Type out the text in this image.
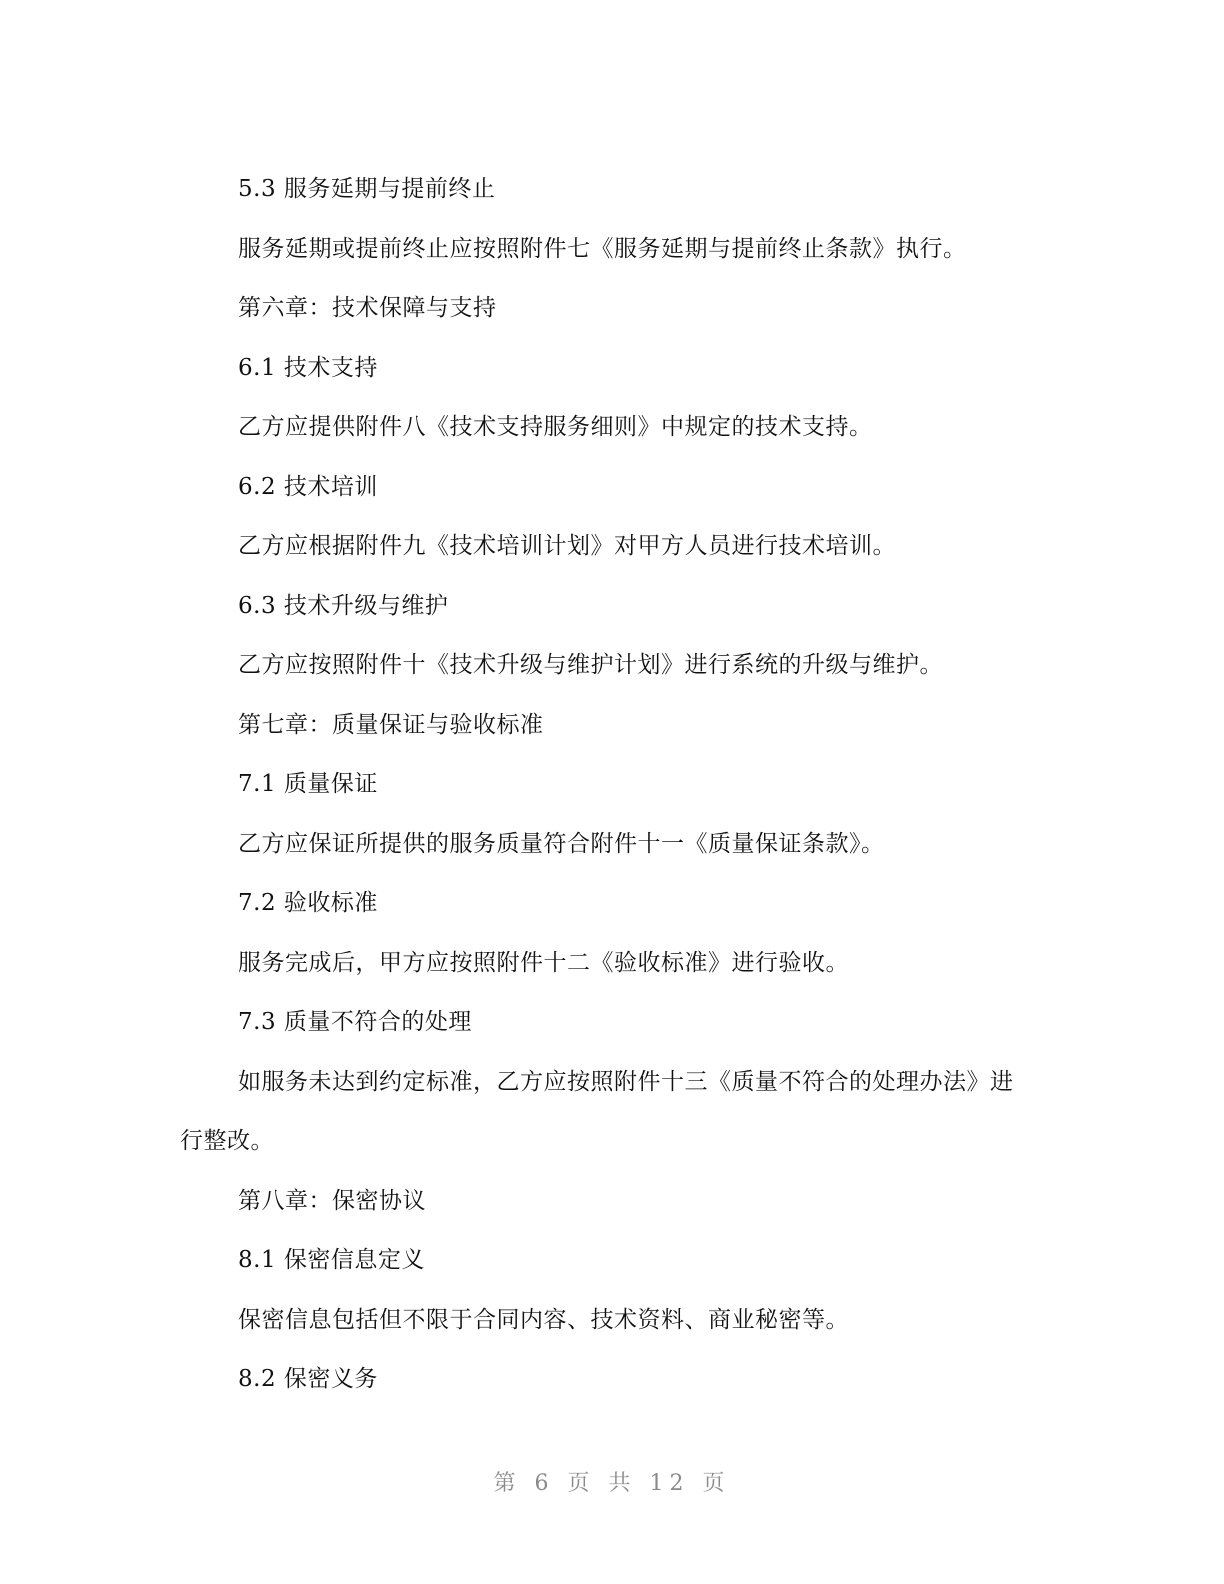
5.3 服务延期与提前终止

服务延期或提前终止应按照附件七《服务延期与提前终止条款》执行。

第六章：技术保障与支持

6.1 技术支持

乙方应提供附件八《技术支持服务细则》中规定的技术支持。

6.2 技术培训

乙方应根据附件九《技术培训计划》对甲方人员进行技术培训。

6.3 技术升级与维护

乙方应按照附件十《技术升级与维护计划》进行系统的升级与维护。

第七章：质量保证与验收标准

7.1 质量保证

乙方应保证所提供的服务质量符合附件十一《质量保证条款》。

7.2 验收标准

服务完成后，甲方应按照附件十二《验收标准》进行验收。

7.3 质量不符合的处理

如服务未达到约定标准，乙方应按照附件十三《质量不符合的处理办法》进

行整改。

第八章：保密协议

8.1 保密信息定义

保密信息包括但不限于合同内容、技术资料、商业秘密等。

8.2 保密义务

第 6 页 共 12 页
